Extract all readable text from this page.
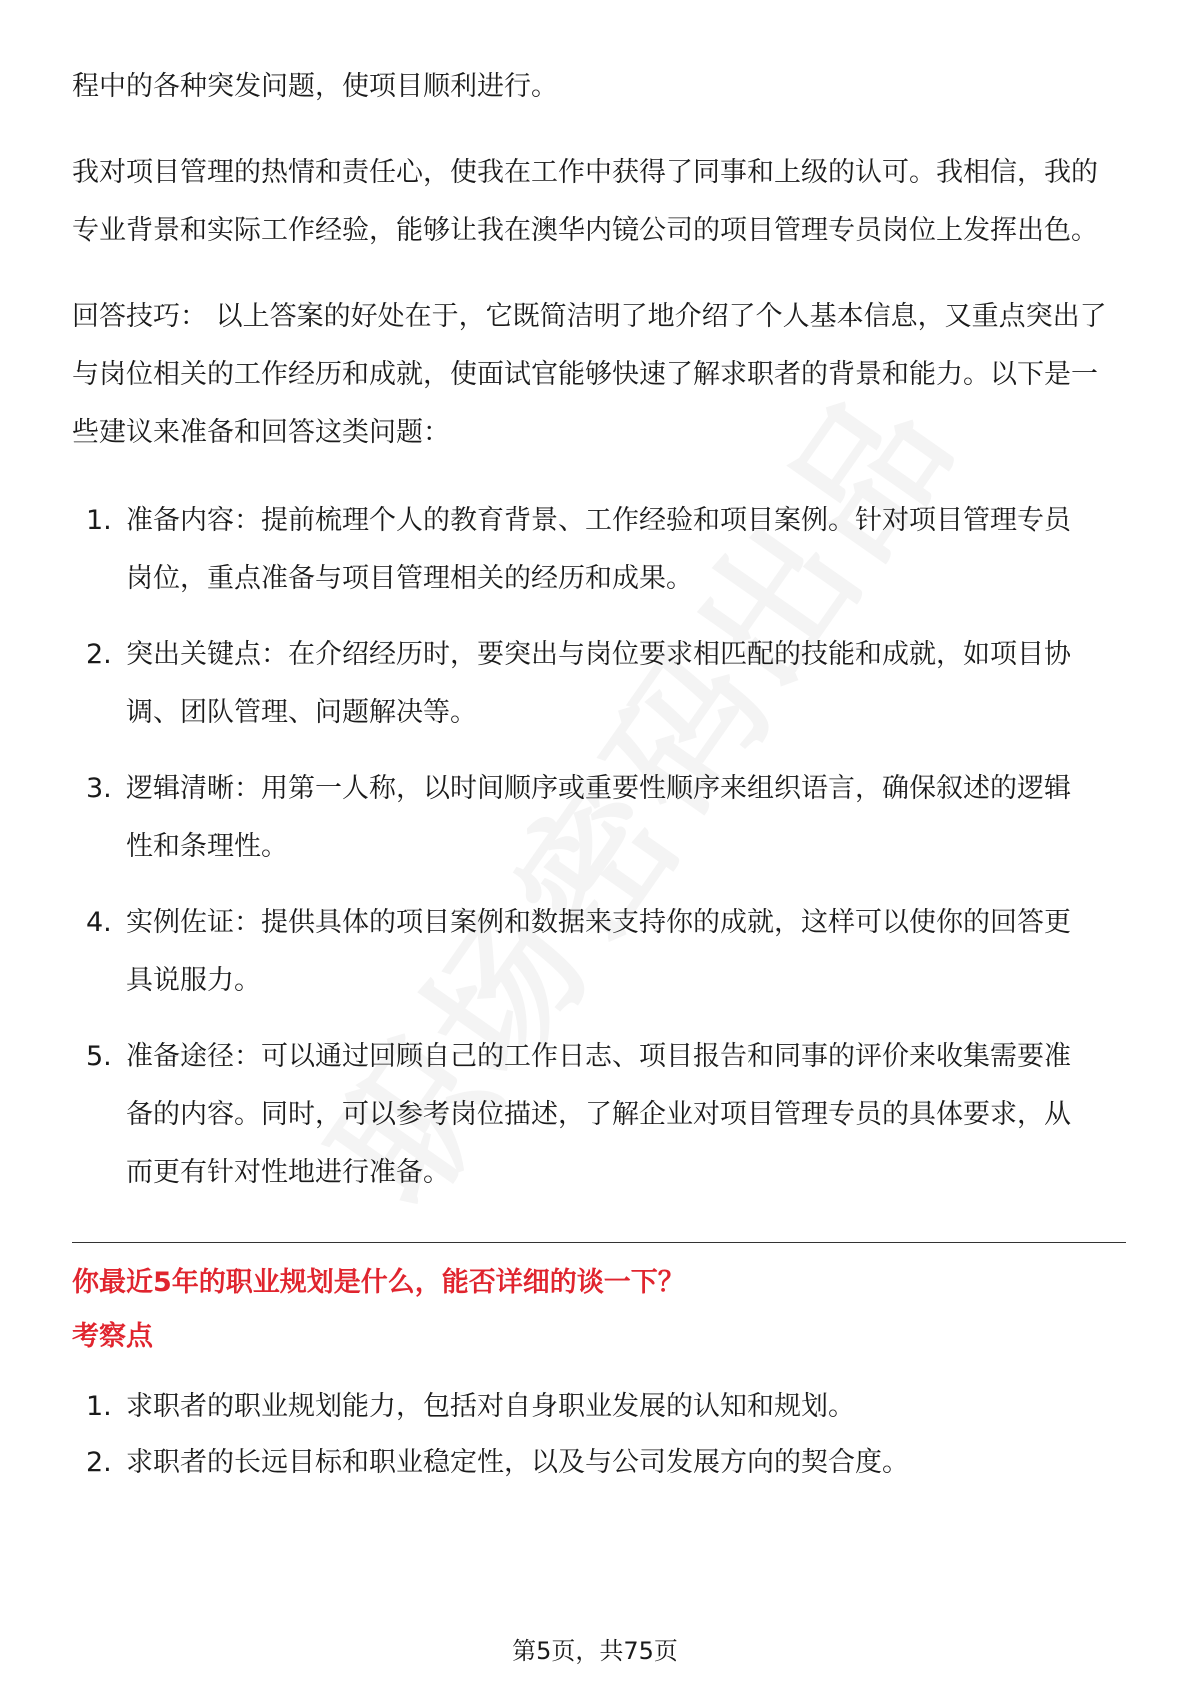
程中的各种突发问题，使项目顺利进行。

我对项目管理的热情和责任心，使我在工作中获得了同事和上级的认可。我相信，我的专业背景和实际工作经验，能够让我在澳华内镜公司的项目管理专员岗位上发挥出色。

回答技巧： 以上答案的好处在于，它既简洁明了地介绍了个人基本信息，又重点突出了与岗位相关的工作经历和成就，使面试官能够快速了解求职者的背景和能力。以下是一些建议来准备和回答这类问题：

1. 准备内容：提前梳理个人的教育背景、工作经验和项目案例。针对项目管理专员岗位，重点准备与项目管理相关的经历和成果。
2. 突出关键点：在介绍经历时，要突出与岗位要求相匹配的技能和成就，如项目协调、团队管理、问题解决等。
3. 逻辑清晰：用第一人称，以时间顺序或重要性顺序来组织语言，确保叙述的逻辑性和条理性。
4. 实例佐证：提供具体的项目案例和数据来支持你的成就，这样可以使你的回答更具说服力。
5. 准备途径：可以通过回顾自己的工作日志、项目报告和同事的评价来收集需要准备的内容。同时，可以参考岗位描述，了解企业对项目管理专员的具体要求，从而更有针对性地进行准备。

你最近5年的职业规划是什么，能否详细的谈一下？

考察点

1. 求职者的职业规划能力，包括对自身职业发展的认知和规划。
2. 求职者的长远目标和职业稳定性，以及与公司发展方向的契合度。
第5页，共75页
